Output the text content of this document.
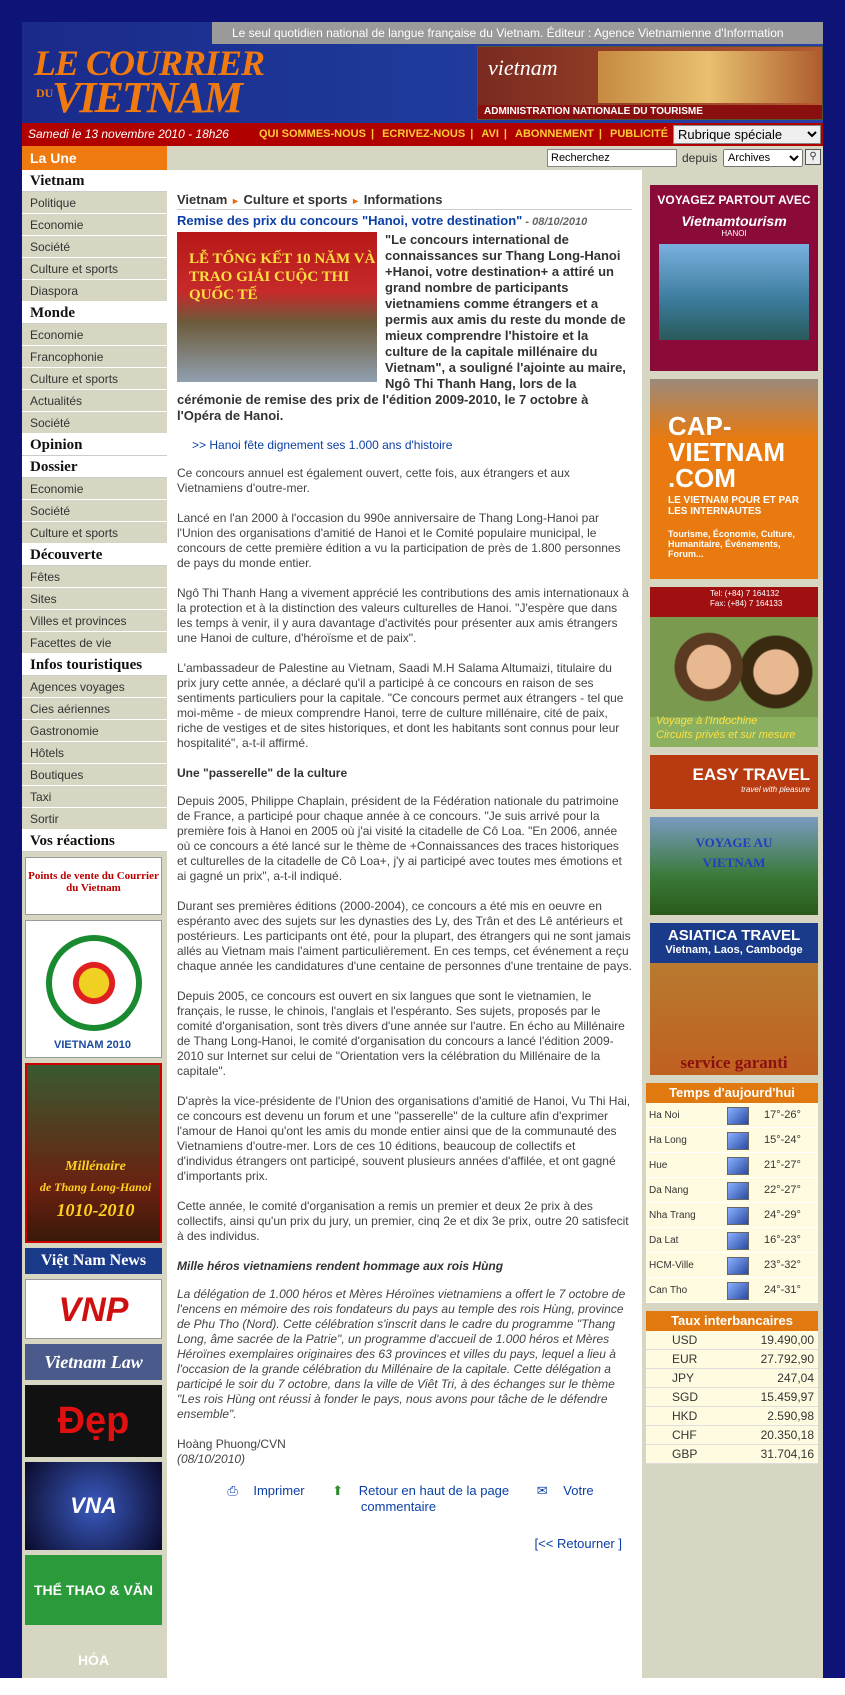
Le seul quotidien national de langue française du Vietnam. Éditeur : Agence Vietnamienne d'Information
LE COURRIER
DU
VIETNAM
vietnam
ADMINISTRATION NATIONALE DU TOURISME
Samedi le 13 novembre 2010 - 18h26	QUI SOMMES-NOUS | ECRIVEZ-NOUS | AVI | ABONNEMENT | PUBLICITÉ
Rubrique spéciale
La Une
Recherchez	depuis
Archives	⚲
Vietnam
Politique
Economie
Société
Culture et sports
Diaspora
Monde
Economie
Francophonie
Culture et sports
Actualités
Société
Opinion
Dossier
Economie
Société
Culture et sports
Découverte
Fêtes
Sites
Villes et provinces
Facettes de vie
Infos touristiques
Agences voyages
Cies aériennes
Gastronomie
Hôtels
Boutiques
Taxi
Sortir
Vos réactions
Points de vente du Courrier du Vietnam
VIETNAM 2010
Millénaire
de Thang Long-Hanoi
1010-2010
Việt Nam News
VNP
Vietnam Law
Đẹp
VNA
THỂ THAO & VĂN HÓA
Vietnam ► Culture et sports ► Informations
Remise des prix du concours "Hanoi, votre destination" - 08/10/2010
LỄ TỔNG KẾT 10 NĂM VÀ TRAO GIẢI CUỘC THI QUỐC TẾ
"Le concours international de connaissances sur Thang Long-Hanoi +Hanoi, votre destination+ a attiré un grand nombre de participants vietnamiens comme étrangers et a permis aux amis du reste du monde de mieux comprendre l'histoire et la culture de la capitale millénaire du Vietnam", a souligné l'ajointe au maire, Ngô Thi Thanh Hang, lors de la cérémonie de remise des prix de l'édition 2009-2010, le 7 octobre à l'Opéra de Hanoi.
>> Hanoi fête dignement ses 1.000 ans d'histoire

Ce concours annuel est également ouvert, cette fois, aux étrangers et aux Vietnamiens d'outre-mer.

Lancé en l'an 2000 à l'occasion du 990e anniversaire de Thang Long-Hanoi par l'Union des organisations d'amitié de Hanoi et le Comité populaire municipal, le concours de cette première édition a vu la participation de près de 1.800 personnes de pays du monde entier.

Ngô Thi Thanh Hang a vivement apprécié les contributions des amis internationaux à la protection et à la distinction des valeurs culturelles de Hanoi. "J'espère que dans les temps à venir, il y aura davantage d'activités pour présenter aux amis étrangers une Hanoi de culture, d'héroïsme et de paix".

L'ambassadeur de Palestine au Vietnam, Saadi M.H Salama Altumaizi, titulaire du prix jury cette année, a déclaré qu'il a participé à ce concours en raison de ses sentiments particuliers pour la capitale. "Ce concours permet aux étrangers - tel que moi-même - de mieux comprendre Hanoi, terre de culture millénaire, cité de paix, riche de vestiges et de sites historiques, et dont les habitants sont connus pour leur hospitalité", a-t-il affirmé.

Une "passerelle" de la culture

Depuis 2005, Philippe Chaplain, président de la Fédération nationale du patrimoine de France, a participé pour chaque année à ce concours. "Je suis arrivé pour la première fois à Hanoi en 2005 où j'ai visité la citadelle de Cô Loa. "En 2006, année où ce concours a été lancé sur le thème de +Connaissances des traces historiques et culturelles de la citadelle de Cô Loa+, j'y ai participé avec toutes mes émotions et ai gagné un prix", a-t-il indiqué.

Durant ses premières éditions (2000-2004), ce concours a été mis en oeuvre en espéranto avec des sujets sur les dynasties des Ly, des Trân et des Lê antérieurs et postérieurs. Les participants ont été, pour la plupart, des étrangers qui ne sont jamais allés au Vietnam mais l'aiment particulièrement. En ces temps, cet événement a reçu chaque année les candidatures d'une centaine de personnes d'une trentaine de pays.

Depuis 2005, ce concours est ouvert en six langues que sont le vietnamien, le français, le russe, le chinois, l'anglais et l'espéranto. Ses sujets, proposés par le comité d'organisation, sont très divers d'une année sur l'autre. En écho au Millénaire de Thang Long-Hanoi, le comité d'organisation du concours a lancé l'édition 2009-2010 sur Internet sur celui de "Orientation vers la célébration du Millénaire de la capitale".

D'après la vice-présidente de l'Union des organisations d'amitié de Hanoi, Vu Thi Hai, ce concours est devenu un forum et une "passerelle" de la culture afin d'exprimer l'amour de Hanoi qu'ont les amis du monde entier ainsi que de la communauté des Vietnamiens d'outre-mer. Lors de ces 10 éditions, beaucoup de collectifs et d'individus étrangers ont participé, souvent plusieurs années d'affilée, et ont gagné d'importants prix.

Cette année, le comité d'organisation a remis un premier et deux 2e prix à des collectifs, ainsi qu'un prix du jury, un premier, cinq 2e et dix 3e prix, outre 20 satisfecit à des individus.

Mille héros vietnamiens rendent hommage aux rois Hùng

La délégation de 1.000 héros et Mères Héroïnes vietnamiens a offert le 7 octobre de l'encens en mémoire des rois fondateurs du pays au temple des rois Hùng, province de Phu Tho (Nord). Cette célébration s'inscrit dans le cadre du programme "Thang Long, âme sacrée de la Patrie", un programme d'accueil de 1.000 héros et Mères Héroïnes exemplaires originaires des 63 provinces et villes du pays, lequel a lieu à l'occasion de la grande célébration du Millénaire de la capitale. Cette délégation a participé le soir du 7 octobre, dans la ville de Viêt Tri, à des échanges sur le thème "Les rois Hùng ont réussi à fonder le pays, nous avons pour tâche de le défendre ensemble".

Hoàng Phuong/CVN
(08/10/2010)

⎙ Imprimer ⬆ Retour en haut de la page ✉ Votre commentaire
[<< Retourner ]
VOYAGEZ PARTOUT AVEC
Vietnamtourism
HANOI
CAP-
VIETNAM
.COM
LE VIETNAM POUR ET PAR LES INTERNAUTES
Tourisme, Économie, Culture, Humanitaire, Événements, Forum...
Tel: (+84) 7 164132
Fax: (+84) 7 164133
Voyage à l'Indochine
Circuits privés et sur mesure
EASY TRAVEL
travel with pleasure
VOYAGE AU VIETNAM
ASIATICA TRAVEL
Vietnam, Laos, Cambodge
service garanti
Temps d'aujourd'hui
Ha Noi	17°-26°
Ha Long	15°-24°
Hue	21°-27°
Da Nang	22°-27°
Nha Trang	24°-29°
Da Lat	16°-23°
HCM-Ville	23°-32°
Can Tho	24°-31°
Taux interbancaires
USD	19.490,00
EUR	27.792,90
JPY	247,04
SGD	15.459,97
HKD	2.590,98
CHF	20.350,18
GBP	31.704,16
